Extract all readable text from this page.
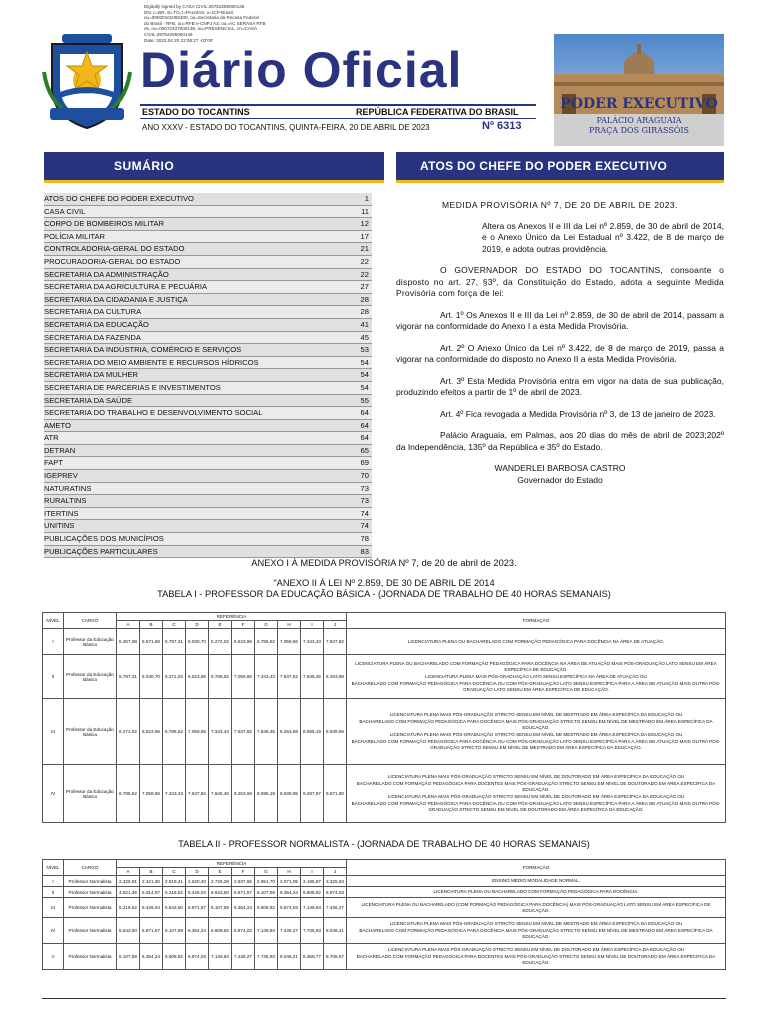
Digitally signed by CASA CIVIL:26752295000146
DN: c=BR, st=TO, l=PALMAS, o=ICP-Brasil,
ou=00000101065300, ou=Secretaria da Receita Federal
do Brasil - RFB, ou=RFB e-CNPJ A3, ou=AC SERASA RFB
v5, ou=00072437000138, ou=PRESENCIAL, cn=CASA
CIVIL:26752295000146
Date: 2023.04.20 22:08:27 -03'00'
Diário Oficial
ESTADO DO TOCANTINS	REPÚBLICA FEDERATIVA DO BRASIL
ANO XXXV - ESTADO DO TOCANTINS, QUINTA-FEIRA, 20 DE ABRIL DE 2023	Nº 6313
PODER EXECUTIVO
PALÁCIO ARAGUAIA
PRAÇA DOS GIRASSÓIS
SUMÁRIO	ATOS DO CHEFE DO PODER EXECUTIVO
ATOS DO CHEFE DO PODER EXECUTIVO	1
CASA CIVIL	11
CORPO DE BOMBEIROS MILITAR	12
POLÍCIA MILITAR	17
CONTROLADORIA-GERAL DO ESTADO	21
PROCURADORIA-GERAL DO ESTADO	22
SECRETARIA DA ADMINISTRAÇÃO	22
SECRETARIA DA AGRICULTURA E PECUÁRIA	27
SECRETARIA DA CIDADANIA E JUSTIÇA	28
SECRETARIA DA CULTURA	28
SECRETARIA DA EDUCAÇÃO	41
SECRETARIA DA FAZENDA	45
SECRETARIA DA INDÚSTRIA, COMÉRCIO E SERVIÇOS	53
SECRETARIA DO MEIO AMBIENTE E RECURSOS HÍDRICOS	54
SECRETARIA DA MULHER	54
SECRETARIA DE PARCERIAS E INVESTIMENTOS	54
SECRETARIA DA SAÚDE	55
SECRETARIA DO TRABALHO E DESENVOLVIMENTO SOCIAL	64
AMETO	64
ATR	64
DETRAN	65
FAPT	69
IGEPREV	70
NATURATINS	73
RURALTINS	73
ITERTINS	74
UNITINS	74
PUBLICAÇÕES DOS MUNICÍPIOS	78
PUBLICAÇÕES PARTICULARES	83

MEDIDA PROVISÓRIA Nº 7, DE 20 DE ABRIL DE 2023.

Altera os Anexos II e III da Lei nº 2.859, de 30 de abril de 2014, e o Anexo Único da Lei Estadual nº 3.422, de 8 de março de 2019, e adota outras providência.

O GOVERNADOR DO ESTADO DO TOCANTINS, consoante o disposto no art. 27, §3º, da Constituição do Estado, adota a seguinte Medida Provisória com força de lei:

Art. 1º Os Anexos II e III da Lei nº 2.859, de 30 de abril de 2014, passam a vigorar na conformidade do Anexo I a esta Medida Provisória.

Art. 2º O Anexo Único da Lei nº 3.422, de 8 de março de 2019, passa a vigorar na conformidade do disposto no Anexo II a esta Medida Provisória.

Art. 3º Esta Medida Provisória entra em vigor na data de sua publicação, produzindo efeitos a partir de 1º de abril de 2023.

Art. 4º Fica revogada a Medida Provisória nº 3, de 13 de janeiro de 2023.

Palácio Araguaia, em Palmas, aos 20 dias do mês de abril de 2023;202º da Independência, 135º da República e 35º do Estado.

WANDERLEI BARBOSA CASTRO

Governador do Estado

ANEXO I À MEDIDA PROVISÓRIA Nº 7, de 20 de abril de 2023.
"ANEXO II À LEI Nº 2.859, DE 30 DE ABRIL DE 2014
TABELA I - PROFESSOR DA EDUCAÇÃO BÁSICA - (JORNADA DE TRABALHO DE 40 HORAS SEMANAIS)
NÍVEL	CARGO	REFERÊNCIA										FORMAÇÃO
		A	B	C	D	E	F	G	H	I	J	
I	Professor da Educação Básica	5.357,08	5.571,68	5.797,31	6.030,70	6.272,02	6.523,96	6.786,52	7.059,66	7.343,43	7.637,82	LICENCIATURA PLENA OU BACHARELADO COM FORMAÇÃO PEDAGÓGICA PARA DOCÊNCIA NA ÁREA DE ATUAÇÃO.

II	Professor da Educação Básica	5.797,31	6.030,70	6.272,02	6.523,96	6.786,52	7.059,66	7.343,43	7.637,82	7.945,45	8.263,68	LICENCIATURA PLENA OU BACHARELADO COM FORMAÇÃO PEDAGÓGICA PARA DOCÊNCIA NA ÁREA DE ATUAÇÃO MAIS PÓS-GRADUAÇÃO LATO SENSU EM ÁREA ESPECÍFICA DE EDUCAÇÃO.
LICENCIATURA PLENA MAIS PÓS-GRADUAÇÃO LATO SENSU ESPECÍFICA NA ÁREA DE ATUAÇÃO OU
BACHARELADO COM FORMAÇÃO PEDAGÓGICA PARA DOCÊNCIA OU COM PÓS-GRADUAÇÃO LATO SENSU ESPECÍFICA PARA A ÁREA DE ATUAÇÃO MAIS OUTRA PÓS-GRADUAÇÃO LATO SENSU EM ÁREA ESPECÍFICA DE EDUCAÇÃO.

III	Professor da Educação Básica	6.272,02	6.523,96	6.786,52	7.059,66	7.343,43	7.637,82	7.945,45	8.263,68	8.595,19	8.939,95	LICENCIATURA PLENA MAIS PÓS-GRADUAÇÃO STRICTO SENSU EM NÍVEL DE MESTRADO EM ÁREA ESPECÍFICA DA EDUCAÇÃO OU
BACHARELADO COM FORMAÇÃO PEDAGÓGICA PARA DOCÊNCIA MAIS PÓS-GRADUAÇÃO STRICTO SENSU EM NÍVEL DE MESTRADO EM ÁREA ESPECÍFICA DA EDUCAÇÃO.
LICENCIATURA PLENA MAIS PÓS-GRADUAÇÃO STRICTO SENSU EM NÍVEL DE MESTRADO EM ÁREA ESPECÍFICA DA EDUCAÇÃO OU
BACHARELADO COM FORMAÇÃO PEDAGÓGICA PARA DOCÊNCIA OU COM PÓS-GRADUAÇÃO LATO SENSU ESPECÍFICA PARA A ÁREA DE ATUAÇÃO MAIS OUTRA PÓS-GRADUAÇÃO STRICTO SENSU EM NÍVEL DE MESTRADO EM ÁREA ESPECÍFICA DA EDUCAÇÃO.

IV	Professor da Educação Básica	6.786,52	7.059,66	7.343,43	7.637,82	7.945,45	8.263,68	8.595,19	8.939,95	9.297,97	9.671,90	LICENCIATURA PLENA MAIS PÓS-GRADUAÇÃO STRICTO SENSU EM NÍVEL DE DOUTORADO EM ÁREA ESPECÍFICA DA EDUCAÇÃO OU
BACHARELADO COM FORMAÇÃO PEDAGÓGICA PARA DOCENTES MAIS PÓS-GRADUAÇÃO STRICTO SENSU EM NÍVEL DE DOUTORADO EM ÁREA ESPECÍFICA DA EDUCAÇÃO.
LICENCIATURA PLENA MAIS PÓS-GRADUAÇÃO STRICTO SENSU EM NÍVEL DE DOUTORADO EM ÁREA ESPECÍFICA DA EDUCAÇÃO OU
BACHARELADO COM FORMAÇÃO PEDAGÓGICA PARA DOCÊNCIA OU COM PÓS-GRADUAÇÃO LATO SENSU ESPECÍFICA PARA A ÁREA DE ATUAÇÃO MAIS OUTRA PÓS-GRADUAÇÃO STRICTO SENSU EM NÍVEL DE DOUTORADO EM ÁREA ESPECÍFICA DA EDUCAÇÃO.
TABELA II - PROFESSOR NORMALISTA - (JORNADA DE TRABALHO DE 40 HORAS SEMANAIS)
NÍVEL	CARGO	REFERÊNCIA										FORMAÇÃO
		A	B	C	D	E	F	G	H	I	J	
I	Professor Normalista	2.325,81	2.421,30	2.519,41	2.620,20	2.726,28	2.837,65	2.951,70	3.071,05	3.195,87	3.325,63	ENSINO MÉDIO MODALIDADE NORMAL.

II	Professor Normalista	4.821,36	5.014,97	5.216,52	5.426,04	5.643,50	5.871,57	6.107,59	6.354,24	6.608,82	6.874,03	LICENCIATURA PLENA OU BACHARELADO COM FORMAÇÃO PEDAGÓGICA PARA DOCÊNCIA.

III	Professor Normalista	5.216,52	5.426,04	5.643,50	5.871,57	6.107,59	6.354,24	6.608,82	6.874,03	7.149,84	7.436,27	LICENCIATURA PLENA OU BACHARELADO (COM FORMAÇÃO PEDAGÓGICA PARA DOCÊNCIA) MAIS PÓS-GRADUAÇÃO LATO SENSU EM ÁREA ESPECÍFICA DE EDUCAÇÃO.

IV	Professor Normalista	5.643,50	5.871,57	6.107,59	6.354,24	6.608,82	6.874,03	7.149,84	7.436,27	7.735,93	8.046,21	LICENCIATURA PLENA MAIS PÓS-GRADUAÇÃO STRICTO SENSU EM NÍVEL DE MESTRADO EM ÁREA ESPECÍFICA DA EDUCAÇÃO OU
BACHARELADO COM FORMAÇÃO PEDAGÓGICA PARA DOCÊNCIA MAIS PÓS-GRADUAÇÃO STRICTO SENSU EM NÍVEL DE MESTRADO EM ÁREA ESPECÍFICA DA EDUCAÇÃO.

V	Professor Normalista	6.107,59	6.354,24	6.608,82	6.874,03	7.149,84	7.436,27	7.735,93	8.046,21	8.369,77	8.706,57	LICENCIATURA PLENA MAIS PÓS-GRADUAÇÃO STRICTO SENSU EM NÍVEL DE DOUTORADO EM ÁREA ESPECÍFICA DA EDUCAÇÃO OU
BACHARELADO COM FORMAÇÃO PEDAGÓGICA PARA DOCENTES MAIS PÓS-GRADUAÇÃO STRICTO SENSU EM NÍVEL DE DOUTORADO EM ÁREA ESPECÍFICA DA EDUCAÇÃO.
